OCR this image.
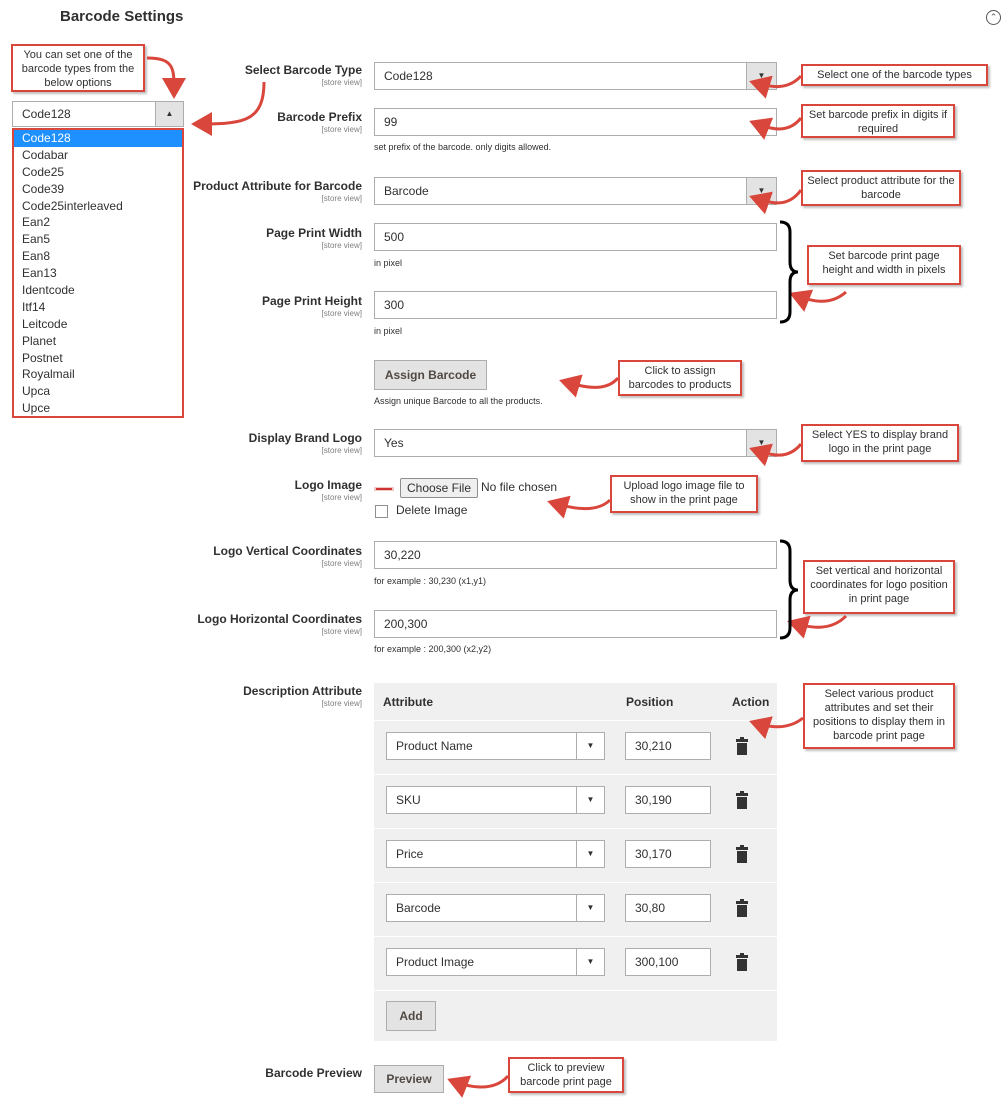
Barcode Settings	⌃
Code128	▲
Code128
Codabar
Code25
Code39
Code25interleaved
Ean2
Ean5
Ean8
Ean13
Identcode
Itf14
Leitcode
Planet
Postnet
Royalmail
Upca
Upce
Select Barcode Type
[store view]	Code128	▼
Barcode Prefix
[store view]
99
set prefix of the barcode. only digits allowed.
Product Attribute for Barcode
[store view]
Barcode	▼
Page Print Width
[store view]
500
in pixel
Page Print Height
[store view]
300
in pixel
Assign Barcode
Assign unique Barcode to all the products.
Display Brand Logo
[store view]
Yes	▼
Logo Image
[store view]
Choose File No file chosen
Delete Image
Logo Vertical Coordinates
[store view]
30,220
for example : 30,230 (x1,y1)
Logo Horizontal Coordinates
[store view]
200,300
for example : 200,300 (x2,y2)
Description Attribute
[store view] Attribute	Position	Action
Product Name	▼	30,210
SKU	▼	30,190
Price	▼	30,170
Barcode	▼	30,80
Product Image	▼	300,100
Add
Barcode Preview	Preview
You can set one of the barcode types from the below options
Select one of the barcode types
Set barcode prefix in digits if required
Select product attribute for the barcode
Set barcode print page height and width in pixels
Click to assign barcodes to products
Select YES to display brand logo in the print page
Upload logo image file to show in the print page
Set vertical and horizontal coordinates for logo position in print page
Select various product attributes and set their positions to display them in barcode print page
Click to preview barcode print page
